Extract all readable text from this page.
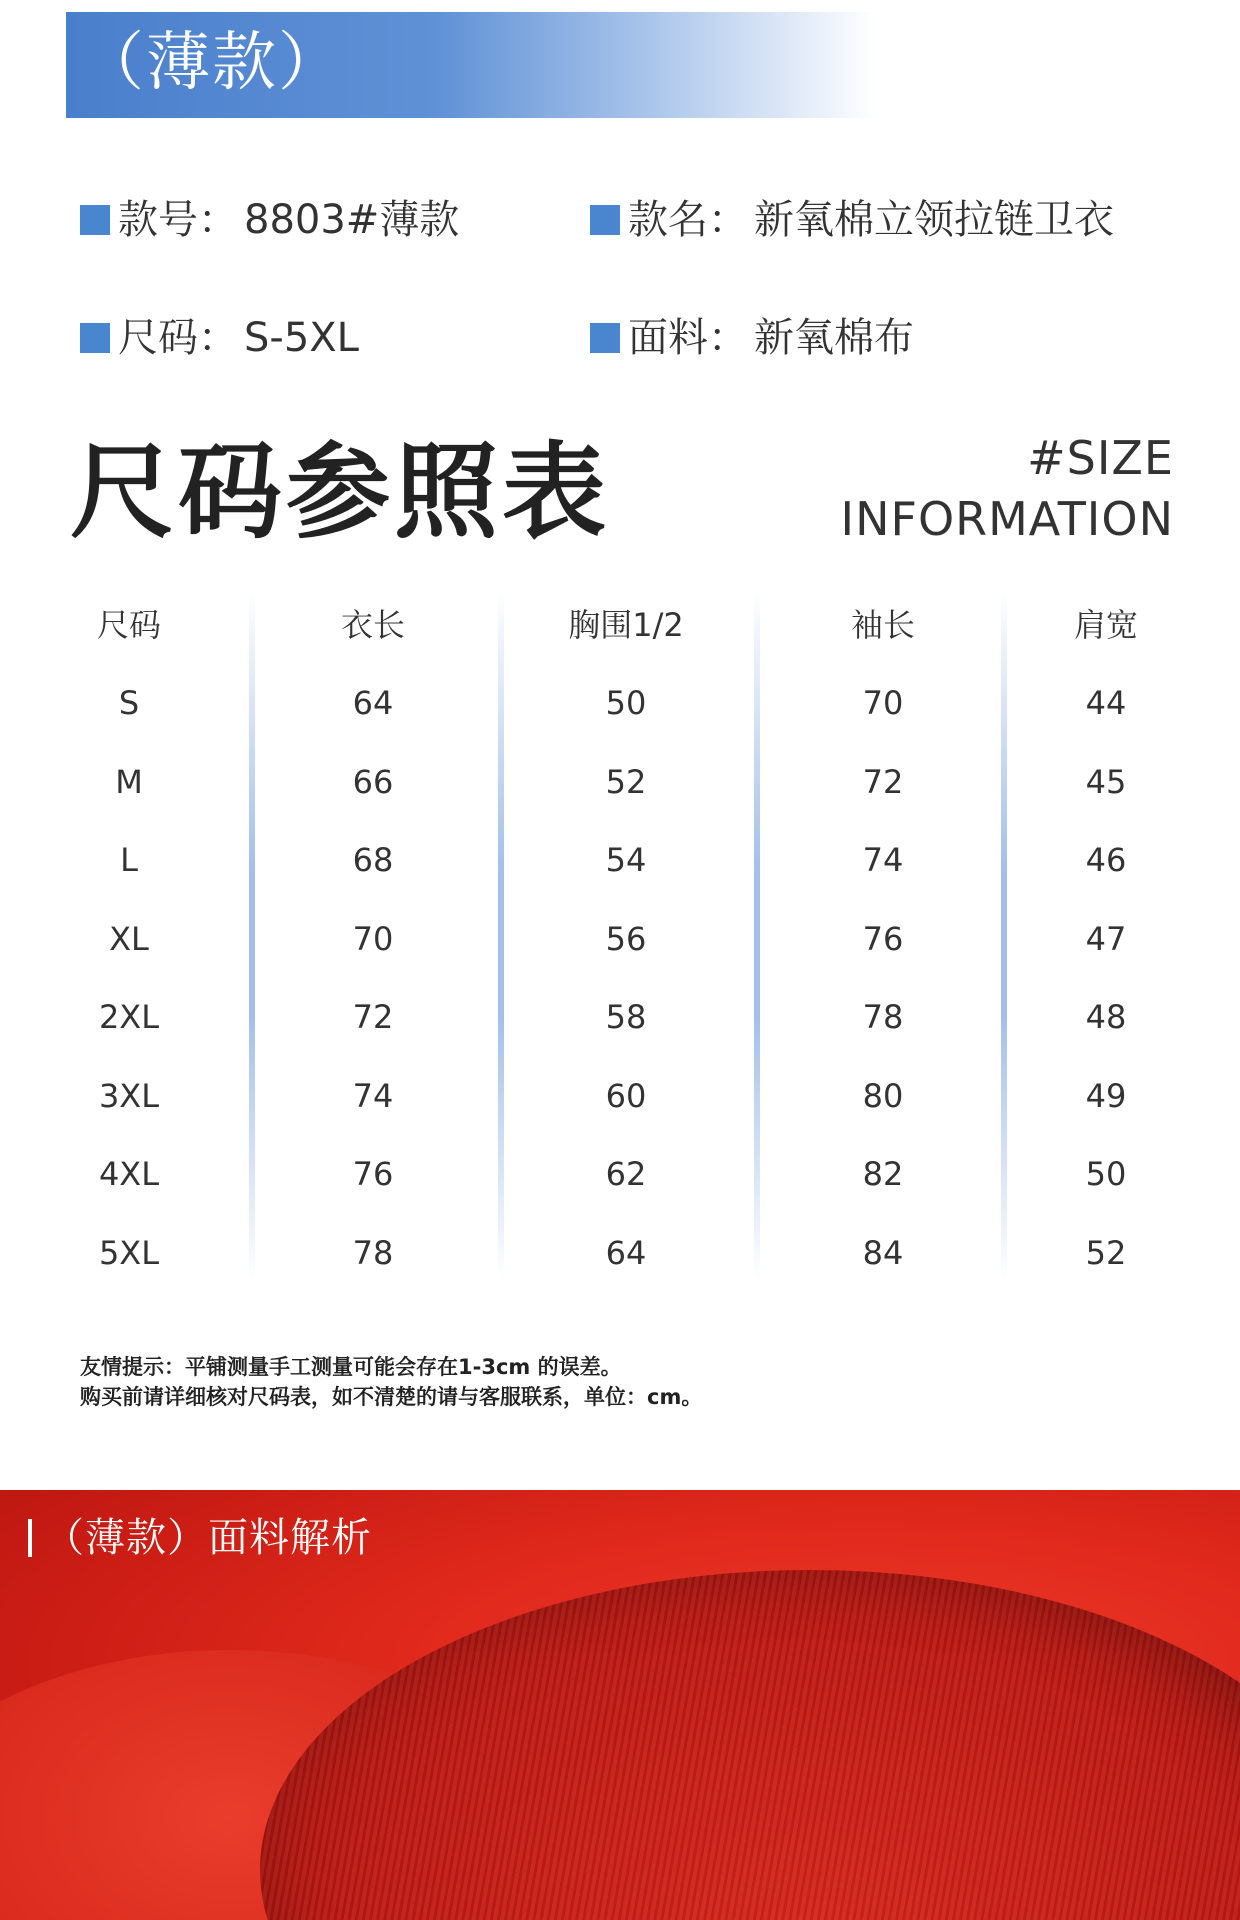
（薄款）
款号： 8803#薄款	款名： 新氧棉立领拉链卫衣
尺码： S-5XL	面料： 新氧棉布
尺码参照表	#SIZE
INFORMATION
尺码	衣长	胸围1/2	袖长	肩宽
S	64	50	70	44
M	66	52	72	45
L	68	54	74	46
XL	70	56	76	47
2XL	72	58	78	48
3XL	74	60	80	49
4XL	76	62	82	50
5XL	78	64	84	52
友情提示：平铺测量手工测量可能会存在1-3cm 的误差。
购买前请详细核对尺码表，如不清楚的请与客服联系，单位：cm。
（薄款）面料解析
